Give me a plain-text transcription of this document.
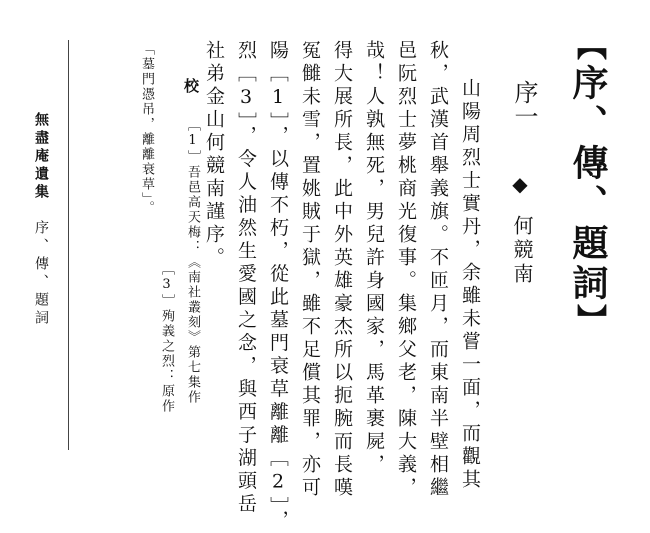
【序、傳、題詞】
序一
◆
何競南
山陽周烈士實丹，余雖未嘗一面，而觀其
秋，武漢首舉義旗。不匝月，而東南半壁相繼
邑阮烈士夢桃商光復事。集鄉父老，陳大義，
哉！人孰無死，男兒許身國家，馬革裹屍，
得大展所長，此中外英雄豪杰所以扼腕而長嘆
冤雠未雪，置姚賊于獄，雖不足償其罪，亦可
陽［1］，以傳不朽，從此墓門衰草離離［2］，
烈［3］，令人油然生愛國之念，與西子湖頭岳
社弟金山何競南謹序。
校
［1］吾邑高天梅：《南社叢刻》第七集作
［3］殉義之烈：原作
「墓門憑吊，離離衰草」。
無盡庵遺集
序、傳、題詞
